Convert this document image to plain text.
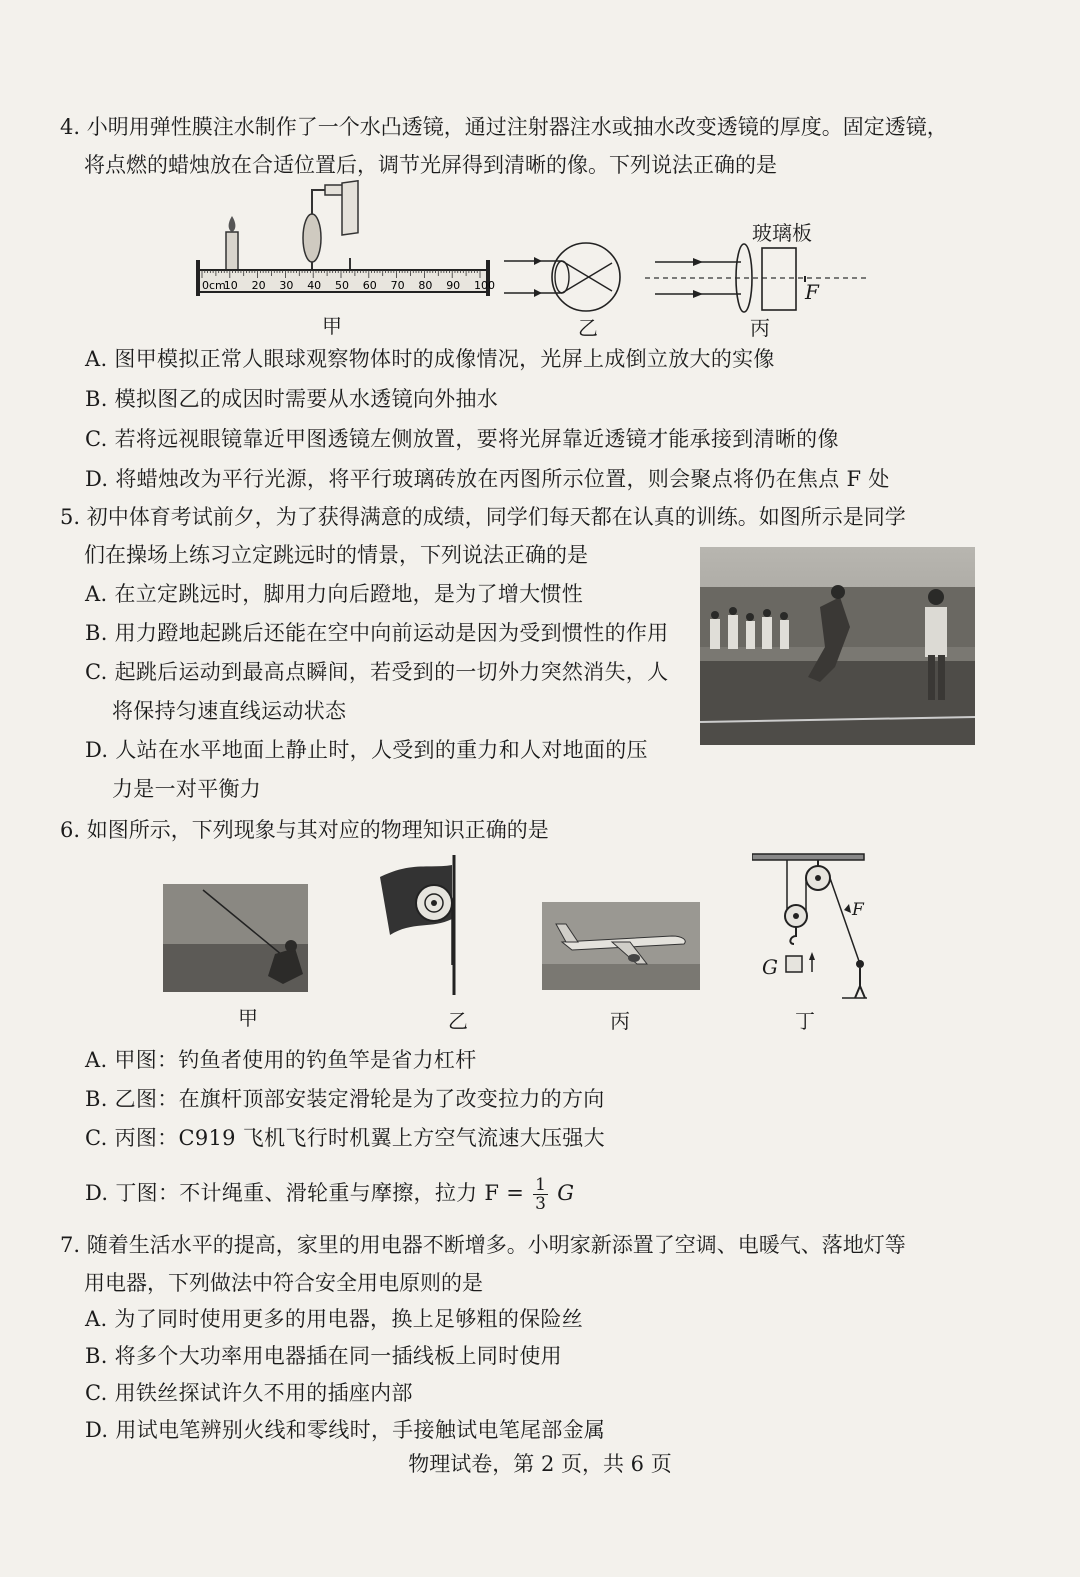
4. 小明用弹性膜注水制作了一个水凸透镜，通过注射器注水或抽水改变透镜的厚度。固定透镜，
将点燃的蜡烛放在合适位置后，调节光屏得到清晰的像。下列说法正确的是
10 20 30 40 50 60 70 80 90 100
0cm
甲	乙
玻璃板
F
丙
A. 图甲模拟正常人眼球观察物体时的成像情况，光屏上成倒立放大的实像
B. 模拟图乙的成因时需要从水透镜向外抽水
C. 若将远视眼镜靠近甲图透镜左侧放置，要将光屏靠近透镜才能承接到清晰的像
D. 将蜡烛改为平行光源，将平行玻璃砖放在丙图所示位置，则会聚点将仍在焦点 F 处
5. 初中体育考试前夕，为了获得满意的成绩，同学们每天都在认真的训练。如图所示是同学
们在操场上练习立定跳远时的情景，下列说法正确的是
A. 在立定跳远时，脚用力向后蹬地，是为了增大惯性
B. 用力蹬地起跳后还能在空中向前运动是因为受到惯性的作用
C. 起跳后运动到最高点瞬间，若受到的一切外力突然消失，人
将保持匀速直线运动状态
D. 人站在水平地面上静止时，人受到的重力和人对地面的压
力是一对平衡力
6. 如图所示，下列现象与其对应的物理知识正确的是
甲	乙	丙
G
F
丁
A. 甲图：钓鱼者使用的钓鱼竿是省力杠杆
B. 乙图：在旗杆顶部安装定滑轮是为了改变拉力的方向
C. 丙图：C919 飞机飞行时机翼上方空气流速大压强大
D. 丁图：不计绳重、滑轮重与摩擦，拉力 $F = \frac{1}{3}$ G
7. 随着生活水平的提高，家里的用电器不断增多。小明家新添置了空调、电暖气、落地灯等
用电器，下列做法中符合安全用电原则的是
A. 为了同时使用更多的用电器，换上足够粗的保险丝
B. 将多个大功率用电器插在同一插线板上同时使用
C. 用铁丝探试许久不用的插座内部
D. 用试电笔辨别火线和零线时，手接触试电笔尾部金属
物理试卷，第 2 页，共 6 页
